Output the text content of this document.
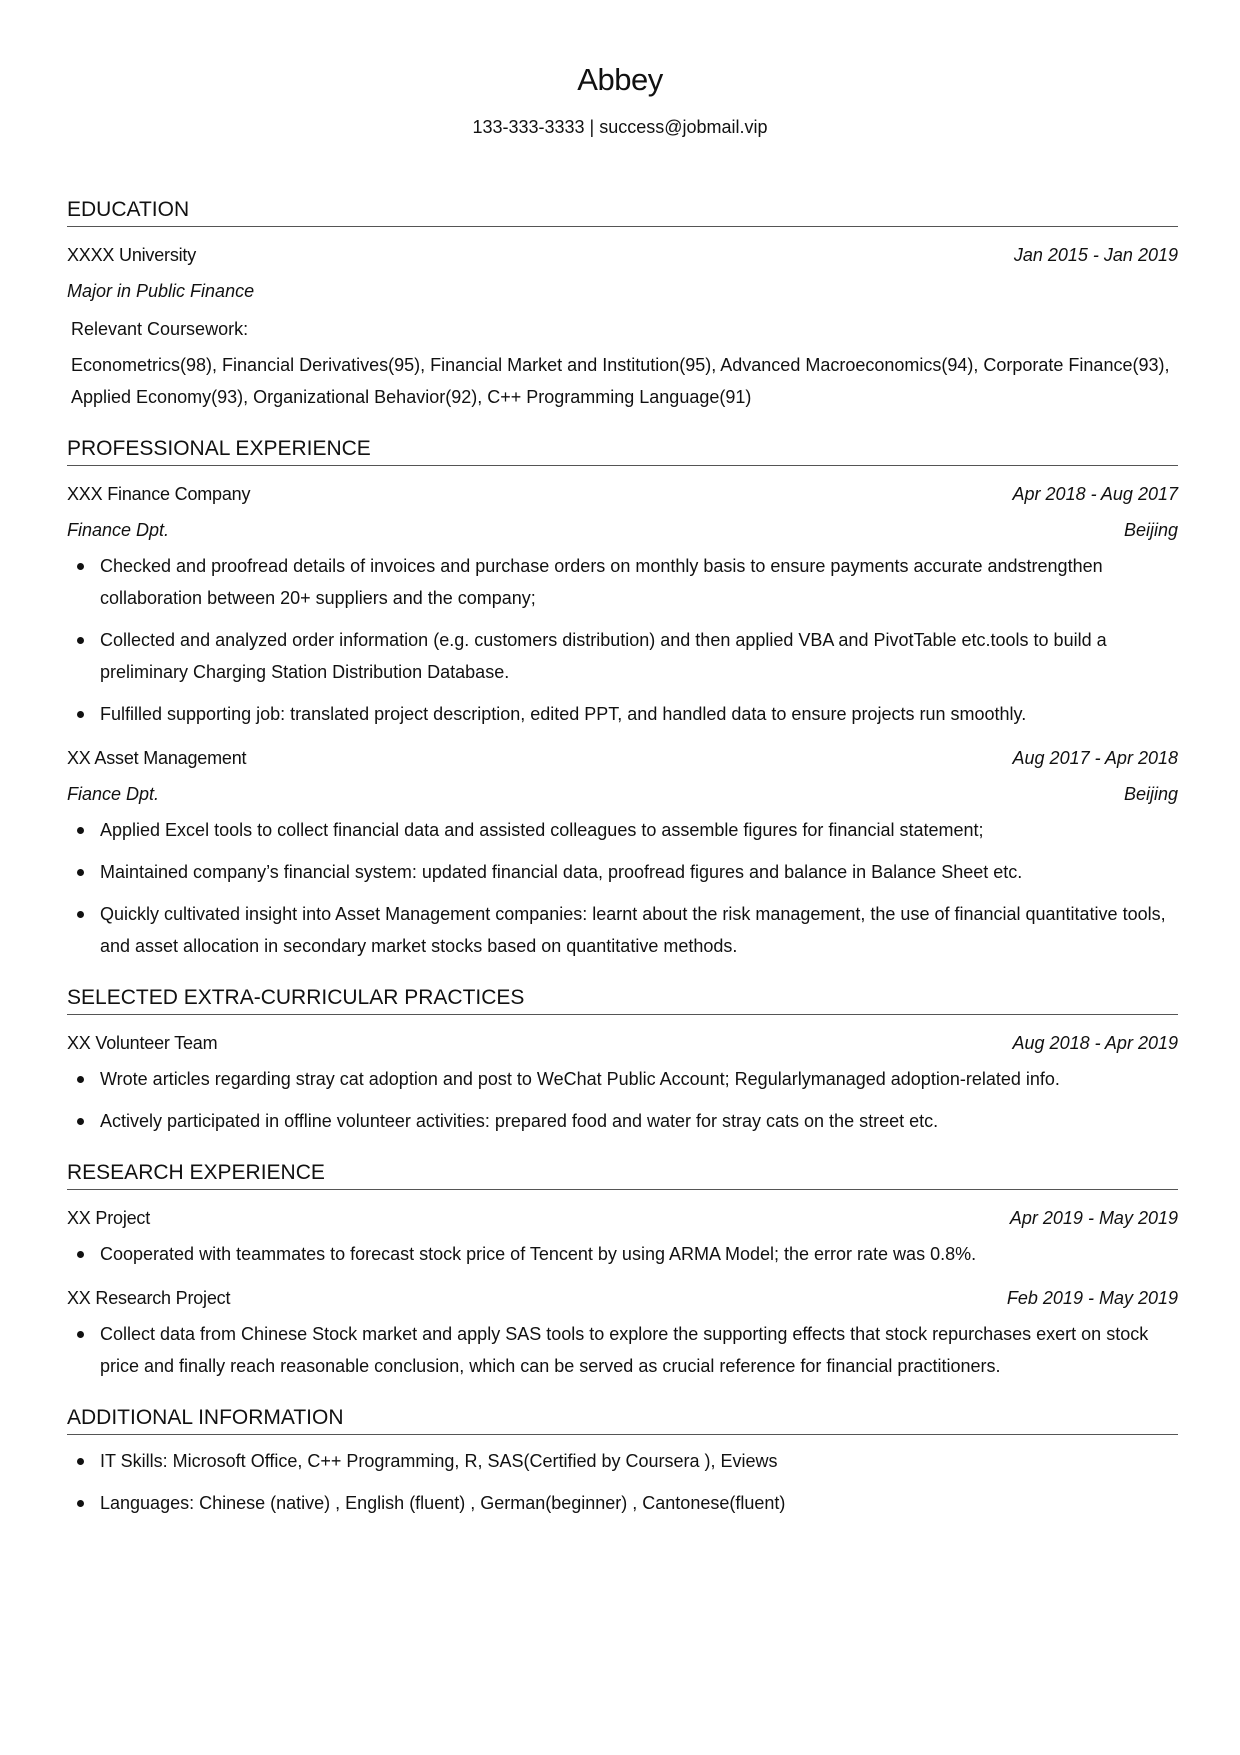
Abbey
133-333-3333 | success@jobmail.vip
EDUCATION
XXXX University	Jan 2015 - Jan 2019
Major in Public Finance
Relevant Coursework:
Econometrics(98), Financial Derivatives(95), Financial Market and Institution(95), Advanced Macroeconomics(94), Corporate Finance(93), Applied Economy(93), Organizational Behavior(92), C++ Programming Language(91)
PROFESSIONAL EXPERIENCE
XXX Finance Company	Apr 2018 - Aug 2017
Finance Dpt.	Beijing
Checked and proofread details of invoices and purchase orders on monthly basis to ensure payments accurate andstrengthen collaboration between 20+ suppliers and the company;
Collected and analyzed order information (e.g. customers distribution) and then applied VBA and PivotTable etc.tools to build a preliminary Charging Station Distribution Database.
Fulfilled supporting job: translated project description, edited PPT, and handled data to ensure projects run smoothly.
XX Asset Management	Aug 2017 - Apr 2018
Fiance Dpt.	Beijing
Applied Excel tools to collect financial data and assisted colleagues to assemble figures for financial statement;
Maintained company’s financial system: updated financial data, proofread figures and balance in Balance Sheet etc.
Quickly cultivated insight into Asset Management companies: learnt about the risk management, the use of financial quantitative tools, and asset allocation in secondary market stocks based on quantitative methods.
SELECTED EXTRA-CURRICULAR PRACTICES
XX Volunteer Team	Aug 2018 - Apr 2019
Wrote articles regarding stray cat adoption and post to WeChat Public Account; Regularlymanaged adoption-related info.
Actively participated in offline volunteer activities: prepared food and water for stray cats on the street etc.
RESEARCH EXPERIENCE
XX Project	Apr 2019 - May 2019
Cooperated with teammates to forecast stock price of Tencent by using ARMA Model; the error rate was 0.8%.
XX Research Project	Feb 2019 - May 2019
Collect data from Chinese Stock market and apply SAS tools to explore the supporting effects that stock repurchases exert on stock price and finally reach reasonable conclusion, which can be served as crucial reference for financial practitioners.
ADDITIONAL INFORMATION
IT Skills: Microsoft Office, C++ Programming, R, SAS(Certified by Coursera ), Eviews
Languages: Chinese (native) , English (fluent) , German(beginner) , Cantonese(fluent)
